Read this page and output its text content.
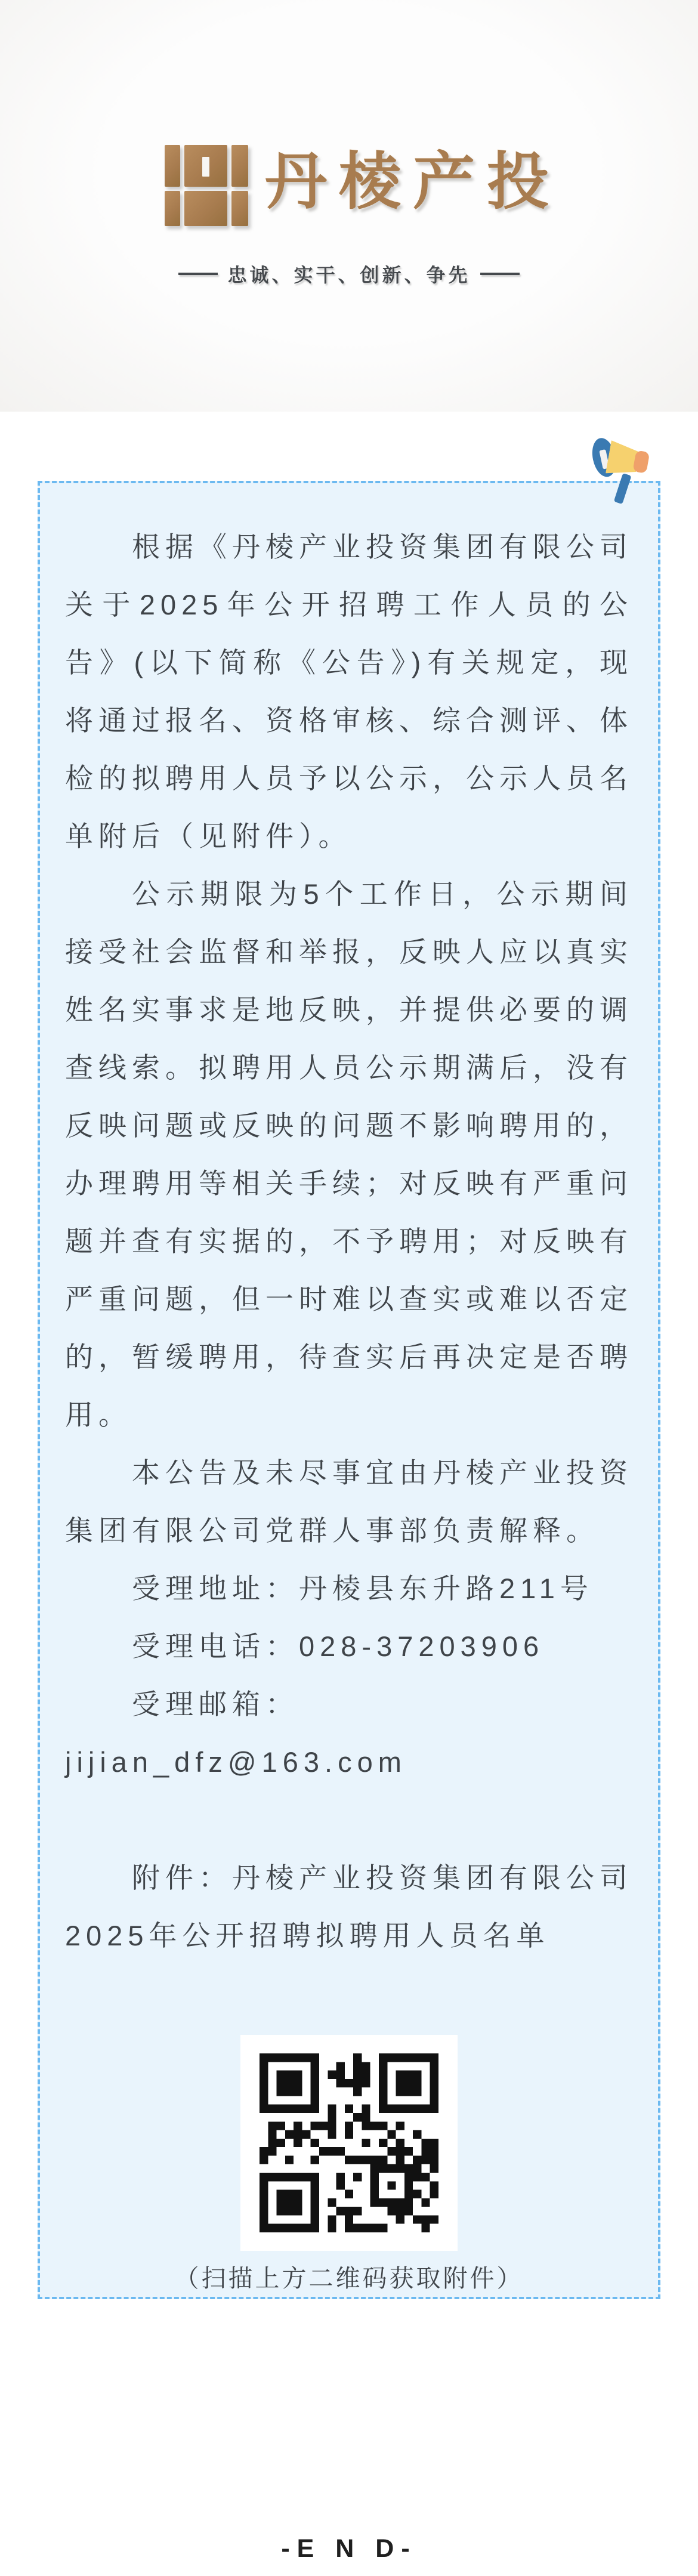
丹棱产投
忠诚、实干、创新、争先

根据《丹棱产业投资集团有限公司关于2025年公开招聘工作人员的公告》(以下简称《公告》)有关规定，现将通过报名、资格审核、综合测评、体检的拟聘用人员予以公示，公示人员名单附后（见附件）。

公示期限为5个工作日，公示期间接受社会监督和举报，反映人应以真实姓名实事求是地反映，并提供必要的调查线索。拟聘用人员公示期满后，没有反映问题或反映的问题不影响聘用的，办理聘用等相关手续；对反映有严重问题并查有实据的，不予聘用；对反映有严重问题，但一时难以查实或难以否定的，暂缓聘用，待查实后再决定是否聘用。

本公告及未尽事宜由丹棱产业投资集团有限公司党群人事部负责解释。

受理地址：丹棱县东升路211号

受理电话：028-37203906

受理邮箱：jijian_dfz@163.com

附件：丹棱产业投资集团有限公司2025年公开招聘拟聘用人员名单

（扫描上方二维码获取附件）

-E N D-
